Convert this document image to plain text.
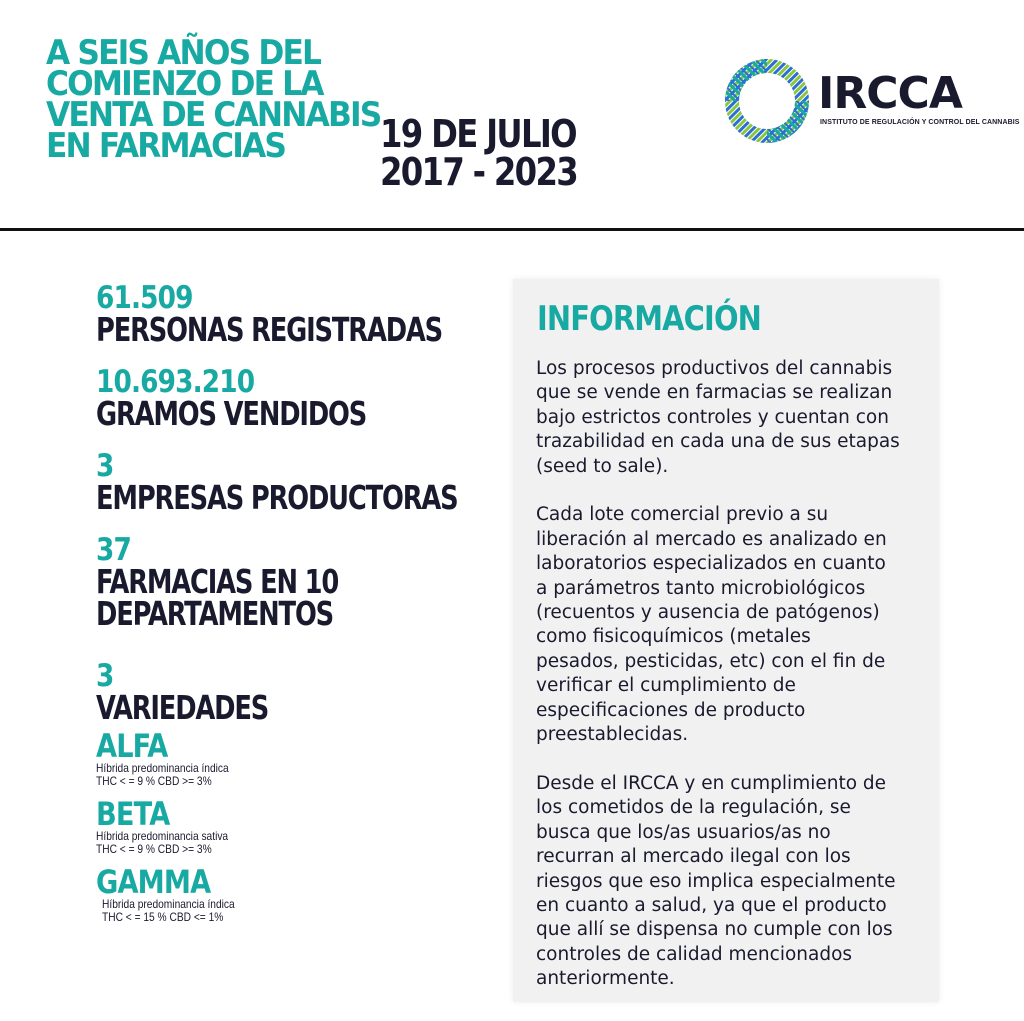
A SEIS AÑOS DEL
COMIENZO DE LA
VENTA DE CANNABIS
EN FARMACIAS	19 DE JULIO
2017 - 2023
IRCCA
INSTITUTO DE REGULACIÓN Y CONTROL DEL CANNABIS
61.509
PERSONAS REGISTRADAS
10.693.210
GRAMOS VENDIDOS
3
EMPRESAS PRODUCTORAS
37
FARMACIAS EN 10
DEPARTAMENTOS
3
VARIEDADES
ALFA
Híbrida predominancia índica
THC < = 9 % CBD >= 3%
BETA
Híbrida predominancia sativa
THC < = 9 % CBD >= 3%
GAMMA
Híbrida predominancia índica
THC < = 15 % CBD <= 1%
INFORMACIÓN

Los procesos productivos del cannabis
que se vende en farmacias se realizan
bajo estrictos controles y cuentan con
trazabilidad en cada una de sus etapas
(seed to sale).

Cada lote comercial previo a su
liberación al mercado es analizado en
laboratorios especializados en cuanto
a parámetros tanto microbiológicos
(recuentos y ausencia de patógenos)
como fisicoquímicos (metales
pesados, pesticidas, etc) con el fin de
verificar el cumplimiento de
especificaciones de producto
preestablecidas.

Desde el IRCCA y en cumplimiento de
los cometidos de la regulación, se
busca que los/as usuarios/as no
recurran al mercado ilegal con los
riesgos que eso implica especialmente
en cuanto a salud, ya que el producto
que allí se dispensa no cumple con los
controles de calidad mencionados
anteriormente.
